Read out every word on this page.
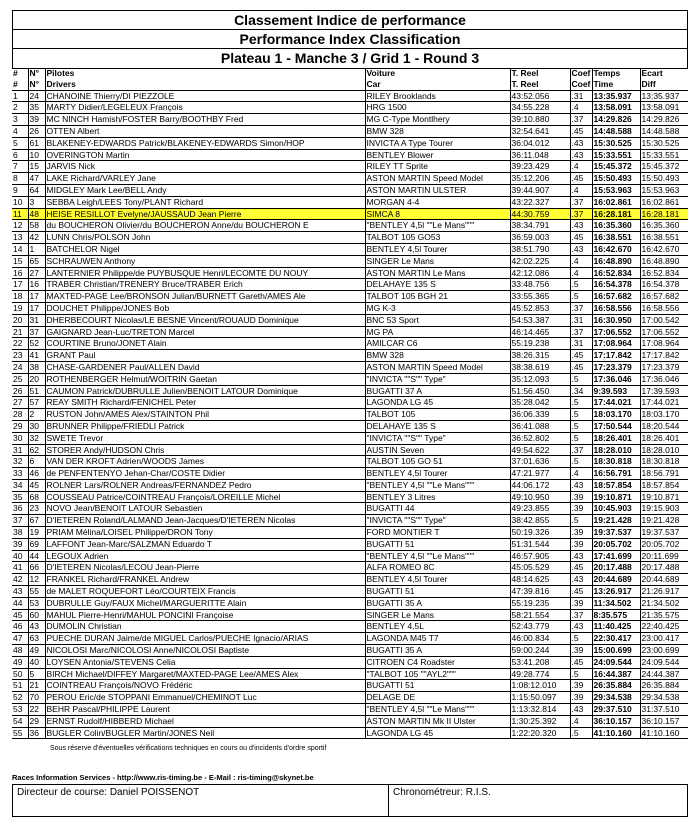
Classement Indice de performance
Performance Index Classification
Plateau 1 - Manche 3 / Grid 1 - Round 3
#	N°	Pilotes	Voiture	T. Reel	Coef	Temps	Ecart
#	N°	Drivers	Car	T. Reel	Coef	Time	Diff
1	24	CHANOINE Thierry/DI PIEZZOLE	RILEY Brooklands	43:52.056	.31	13:35.937	13:35.937
2	35	MARTY Didier/LEGELEUX François	HRG 1500	34:55.228	.4	13:58.091	13:58.091
3	39	MC NINCH Hamish/FOSTER Barry/BOOTHBY Fred	MG C-Type Montlhery	39:10.880	.37	14:29.826	14:29.826
4	26	OTTEN Albert	BMW 328	32:54.641	.45	14:48.588	14:48.588
5	61	BLAKENEY-EDWARDS Patrick/BLAKENEY-EDWARDS Simon/HOP	INVICTA A Type Tourer	36:04.012	.43	15:30.525	15:30.525
6	10	OVERINGTON Martin	BENTLEY Blower	36:11.048	.43	15:33.551	15:33.551
7	15	JARVIS Nick	RILEY TT Sprite	39:23.429	.4	15:45.372	15:45.372
8	47	LAKE Richard/VARLEY Jane	ASTON MARTIN Speed Model	35:12.206	.45	15:50.493	15:50.493
9	64	MIDGLEY Mark Lee/BELL Andy	ASTON MARTIN ULSTER	39:44.907	.4	15:53.963	15:53.963
10	3	SEBBA Leigh/LEES Tony/PLANT Richard	MORGAN 4-4	43:22.327	.37	16:02.861	16:02.861
11	48	HEISE RESILLOT Evelyne/JAUSSAUD Jean Pierre	SIMCA 8	44:30.759	.37	16:28.181	16:28.181
12	58	du BOUCHERON Olivier/du BOUCHERON Anne/du BOUCHERON E	"BENTLEY 4,5l ""Le Mans"""	38:34.791	.43	16:35.360	16:35.360
13	42	LUNN Chris/POLSON John	TALBOT 105 GO53	36:59.003	.45	16:38.551	16:38.551
14	1	BATCHELOR Nigel	BENTLEY 4,5l Tourer	38:51.790	.43	16:42.670	16:42.670
15	65	SCHRAUWEN Anthony	SINGER Le Mans	42:02.225	.4	16:48.890	16:48.890
16	27	LANTERNIER Philippe/de PUYBUSQUE Henri/LECOMTE DU NOUY	ASTON MARTIN Le Mans	42:12.086	.4	16:52.834	16:52.834
17	16	TRABER Christian/TRENERY Bruce/TRABER Erich	DELAHAYE 135 S	33:48.756	.5	16:54.378	16:54.378
18	17	MAXTED-PAGE Lee/BRONSON Julian/BURNETT Gareth/AMES Ale	TALBOT 105 BGH 21	33:55.365	.5	16:57.682	16:57.682
19	17	DOUCHET Philippe/JONES Bob	MG K-3	45:52.853	.37	16:58.556	16:58.556
20	31	DHERBECOURT Nicolas/LE BESNE Vincent/ROUAUD Dominique	BNC 53 Sport	54:53.387	.31	16:30.950	17:00.542
21	37	GAIGNARD Jean-Luc/TRETON Marcel	MG PA	46:14.465	.37	17:06.552	17:06.552
22	52	COURTINE Bruno/JONET Alain	AMILCAR C6	55:19.238	.31	17:08.964	17:08.964
23	41	GRANT Paul	BMW 328	38:26.315	.45	17:17.842	17:17.842
24	38	CHASE-GARDENER Paul/ALLEN David	ASTON MARTIN Speed Model	38:38.619	.45	17:23.379	17:23.379
25	20	ROTHENBERGER Helmut/WOITRIN Gaetan	"INVICTA ""S"" Type"	35:12.093	.5	17:36.046	17:36.046
26	51	CAUMON Patrick/DUBRULLE Julien/BENOIT LATOUR Dominique	BUGATTI 37 A	51:56.450	.34	9:39.593	17:39.593
27	57	REAY SMITH Richard/FENICHEL Peter	LAGONDA LG 45	35:28.042	.5	17:44.021	17:44.021
28	2	RUSTON John/AMES Alex/STAINTON Phil	TALBOT 105	36:06.339	.5	18:03.170	18:03.170
29	30	BRUNNER Philippe/FRIEDLI Patrick	DELAHAYE 135 S	36:41.088	.5	17:50.544	18:20.544
30	32	SWETE Trevor	"INVICTA ""S"" Type"	36:52.802	.5	18:26.401	18:26.401
31	62	STORER Andy/HUDSON Chris	AUSTIN Seven	49:54.622	.37	18:28.010	18:28.010
32	6	VAN DER KROFT Adrien/WOODS James	TALBOT 105 GO 51	37:01.636	.5	18:30.818	18:30.818
33	46	de PENFENTENYO Jehan-Char/COSTE Didier	BENTLEY 4,5l Tourer	47:21.977	.4	16:56.791	18:56.791
34	45	ROLNER Lars/ROLNER Andreas/FERNANDEZ Pedro	"BENTLEY 4,5l ""Le Mans"""	44:06.172	.43	18:57.854	18:57.854
35	68	COUSSEAU Patrice/COINTREAU François/LOREILLE Michel	BENTLEY 3 Litres	49:10.950	.39	19:10.871	19:10.871
36	23	NOVO Jean/BENOIT LATOUR Sebastien	BUGATTI 44	49:23.855	.39	10:45.903	19:15.903
37	67	D'IETEREN Roland/LALMAND Jean-Jacques/D'IETEREN Nicolas	"INVICTA ""S"" Type"	38:42.855	.5	19:21.428	19:21.428
38	19	PRIAM Mélina/LOISEL Philippe/DRON Tony	FORD MONTIER T	50:19.326	.39	19:37.537	19:37.537
39	69	LAFFONT Jean-Marc/SALZMAN Eduardo T	BUGATTI 51	51:31.544	.39	20:05.702	20:05.702
40	44	LEGOUX Adrien	"BENTLEY 4,5l ""Le Mans"""	46:57.905	.43	17:41.699	20:11.699
41	66	D'IETEREN Nicolas/LECOU Jean-Pierre	ALFA ROMEO 8C	45:05.529	.45	20:17.488	20:17.488
42	12	FRANKEL Richard/FRANKEL Andrew	BENTLEY 4,5l Tourer	48:14.625	.43	20:44.689	20:44.689
43	55	de MALET ROQUEFORT Léo/COURTEIX Francis	BUGATTI 51	47:39.816	.45	13:26.917	21:26.917
44	53	DUBRULLE Guy/FAUX Michel/MARGUERITTE Alain	BUGATTI 35 A	55:19.235	.39	11:34.502	21:34.502
45	60	MAHUL Pierre-Henri/MAHUL PONCINI Françoise	SINGER Le Mans	58:21.554	.37	8:35.575	21:35.575
46	43	DUMOLIN Christian	BENTLEY 4,5L	52:43.779	.43	11:40.425	22:40.425
47	63	PUECHE DURAN Jaime/de MIGUEL Carlos/PUECHE Ignacio/ARIAS	LAGONDA M45 T7	46:00.834	.5	22:30.417	23:00.417
48	49	NICOLOSI Marc/NICOLOSI Anne/NICOLOSI Baptiste	BUGATTI 35 A	59:00.244	.39	15:00.699	23:00.699
49	40	LOYSEN Antonia/STEVENS Celia	CITROEN C4 Roadster	53:41.208	.45	24:09.544	24:09.544
50	5	BIRCH Michael/DIFFEY Margaret/MAXTED-PAGE Lee/AMES Alex	"TALBOT 105 ""AYL2"""	49:28.774	.5	16:44.387	24:44.387
51	21	COINTREAU François/NOVO Frédéric	BUGATTI 51	1:08:12.010	.39	26:35.884	26:35.884
52	70	PEROU Eric/de STOPPANI Emmanuel/CHEMINOT Luc	DELAGE DE	1:15:50.097	.39	29:34.538	29:34.538
53	22	BEHR Pascal/PHILIPPE Laurent	"BENTLEY 4,5l ""Le Mans"""	1:13:32.814	.43	29:37.510	31:37.510
54	29	ERNST Rudolf/HIBBERD Michael	ASTON MARTIN Mk II Ulster	1:30:25.392	.4	36:10.157	36:10.157
55	36	BUGLER Colin/BUGLER Martin/JONES Neil	LAGONDA LG 45	1:22:20.320	.5	41:10.160	41:10.160
Sous réserve d'éventuelles vérifications techniques en cours ou d'incidents d'ordre sportif
Races Information Services - http://www.ris-timing.be - E-Mail : ris-timing@skynet.be
Directeur de course: Daniel POISSENOT	Chronométreur: R.I.S.
